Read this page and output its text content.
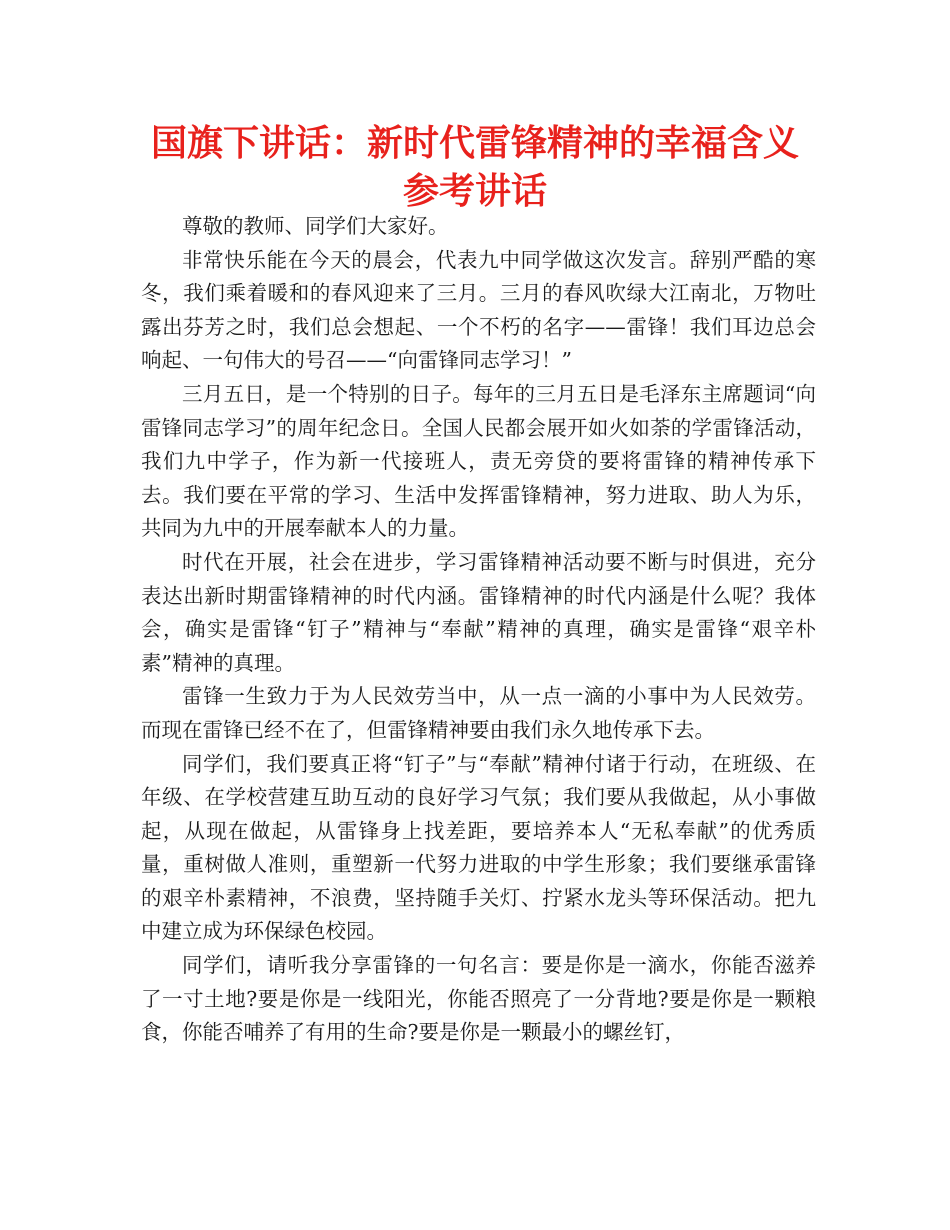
国旗下讲话：新时代雷锋精神的幸福含义
参考讲话

尊敬的教师、同学们大家好。

非常快乐能在今天的晨会，代表九中同学做这次发言。辞别严酷的寒冬，我们乘着暖和的春风迎来了三月。三月的春风吹绿大江南北，万物吐露出芬芳之时，我们总会想起、一个不朽的名字——雷锋！我们耳边总会响起、一句伟大的号召——“向雷锋同志学习！”

三月五日，是一个特别的日子。每年的三月五日是毛泽东主席题词“向雷锋同志学习”的周年纪念日。全国人民都会展开如火如荼的学雷锋活动，我们九中学子，作为新一代接班人，责无旁贷的要将雷锋的精神传承下去。我们要在平常的学习、生活中发挥雷锋精神，努力进取、助人为乐，共同为九中的开展奉献本人的力量。

时代在开展，社会在进步，学习雷锋精神活动要不断与时俱进，充分表达出新时期雷锋精神的时代内涵。雷锋精神的时代内涵是什么呢？我体会，确实是雷锋“钉子”精神与“奉献”精神的真理，确实是雷锋“艰辛朴素”精神的真理。

雷锋一生致力于为人民效劳当中，从一点一滴的小事中为人民效劳。而现在雷锋已经不在了，但雷锋精神要由我们永久地传承下去。

同学们，我们要真正将“钉子”与“奉献”精神付诸于行动，在班级、在年级、在学校营建互助互动的良好学习气氛；我们要从我做起，从小事做起，从现在做起，从雷锋身上找差距，要培养本人“无私奉献”的优秀质量，重树做人准则，重塑新一代努力进取的中学生形象；我们要继承雷锋的艰辛朴素精神，不浪费，坚持随手关灯、拧紧水龙头等环保活动。把九中建立成为环保绿色校园。

同学们，请听我分享雷锋的一句名言：要是你是一滴水，你能否滋养了一寸土地?要是你是一线阳光，你能否照亮了一分背地?要是你是一颗粮食，你能否哺养了有用的生命?要是你是一颗最小的螺丝钉，
